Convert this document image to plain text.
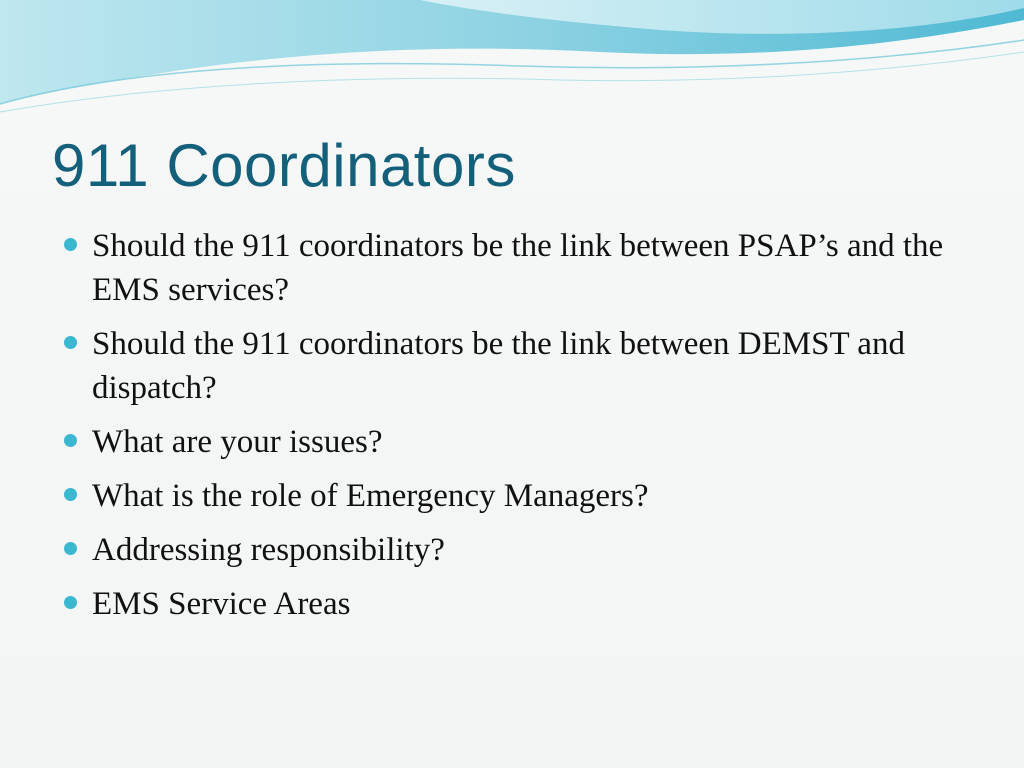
911 Coordinators
Should the 911 coordinators be the link between PSAP’s and the EMS services?
Should the 911 coordinators be the link between DEMST and dispatch?
What are your issues?
What is the role of Emergency Managers?
Addressing responsibility?
EMS Service Areas
